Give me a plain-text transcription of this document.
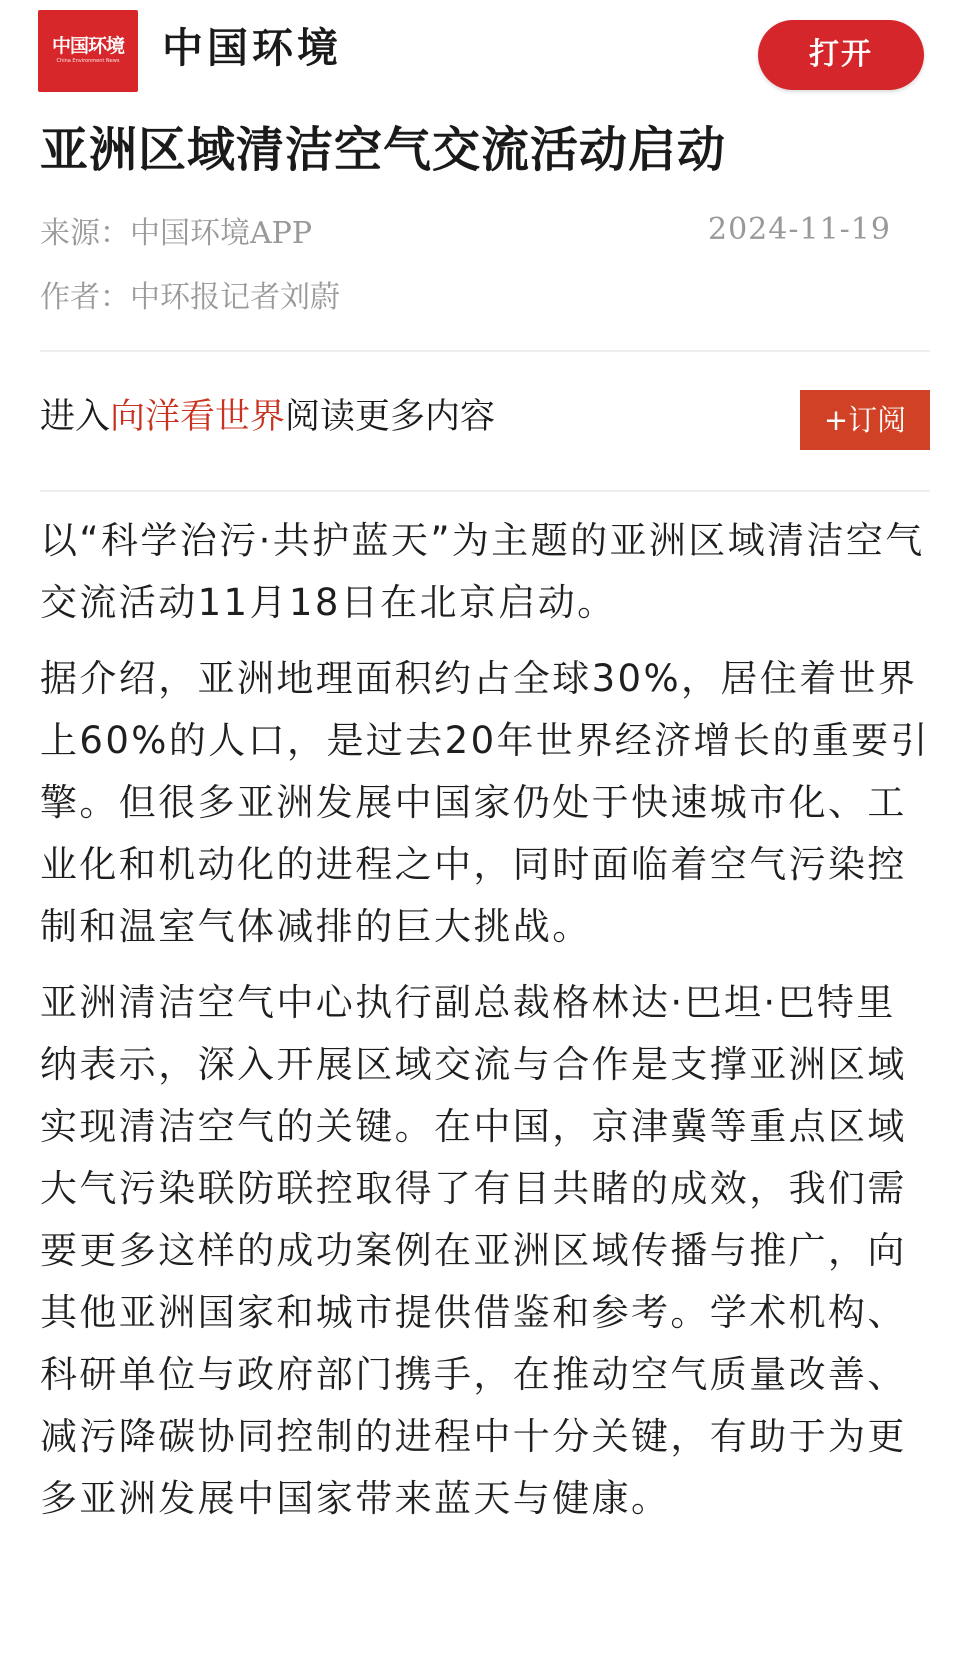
中国环境
China Environment News	中国环境	打开
亚洲区域清洁空气交流活动启动
来源：中国环境APP	2024-11-19
作者：中环报记者刘蔚
进入向洋看世界阅读更多内容	+订阅

以“科学治污·共护蓝天”为主题的亚洲区域清洁空气交流活动11月18日在北京启动。

据介绍，亚洲地理面积约占全球30%，居住着世界上60%的人口，是过去20年世界经济增长的重要引擎。但很多亚洲发展中国家仍处于快速城市化、工业化和机动化的进程之中，同时面临着空气污染控制和温室气体减排的巨大挑战。

亚洲清洁空气中心执行副总裁格林达·巴坦·巴特里纳表示，深入开展区域交流与合作是支撑亚洲区域实现清洁空气的关键。在中国，京津冀等重点区域大气污染联防联控取得了有目共睹的成效，我们需要更多这样的成功案例在亚洲区域传播与推广，向其他亚洲国家和城市提供借鉴和参考。学术机构、科研单位与政府部门携手，在推动空气质量改善、减污降碳协同控制的进程中十分关键，有助于为更多亚洲发展中国家带来蓝天与健康。
